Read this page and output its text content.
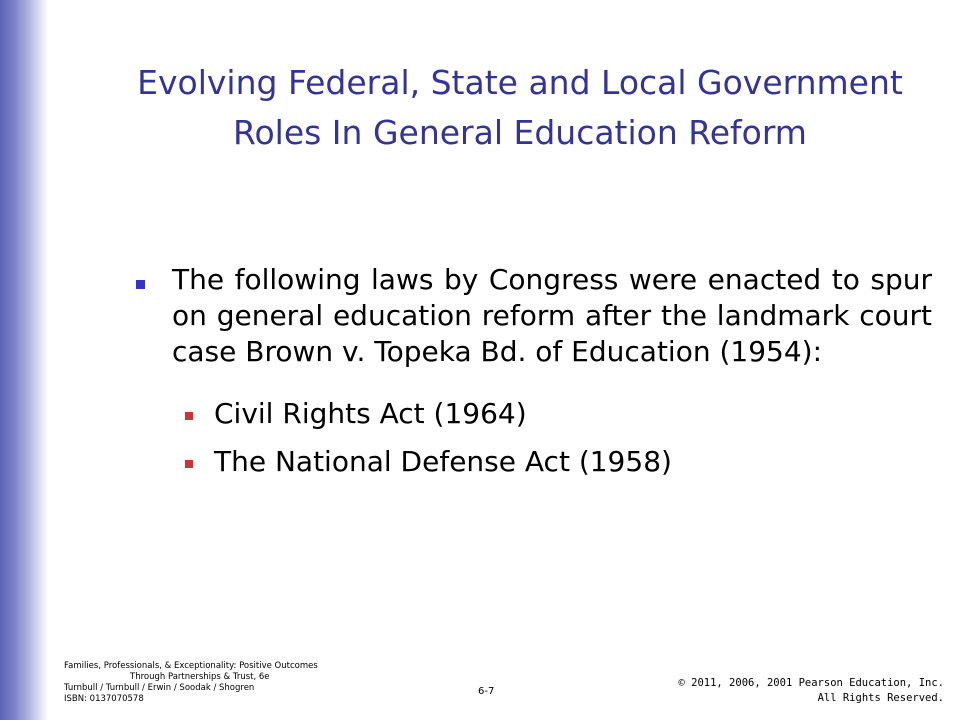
Evolving Federal, State and Local Government Roles In General Education Reform
The following laws by Congress were enacted to spur on general education reform after the landmark court case Brown v. Topeka Bd. of Education (1954):
Civil Rights Act (1964)
The National Defense Act (1958)
Families, Professionals, & Exceptionality: Positive Outcomes

Through Partnerships & Trust, 6e
Turnbull / Turnbull / Erwin / Soodak / Shogren
ISBN: 0137070578
6-7
© 2011, 2006, 2001 Pearson Education, Inc.
All Rights Reserved.
